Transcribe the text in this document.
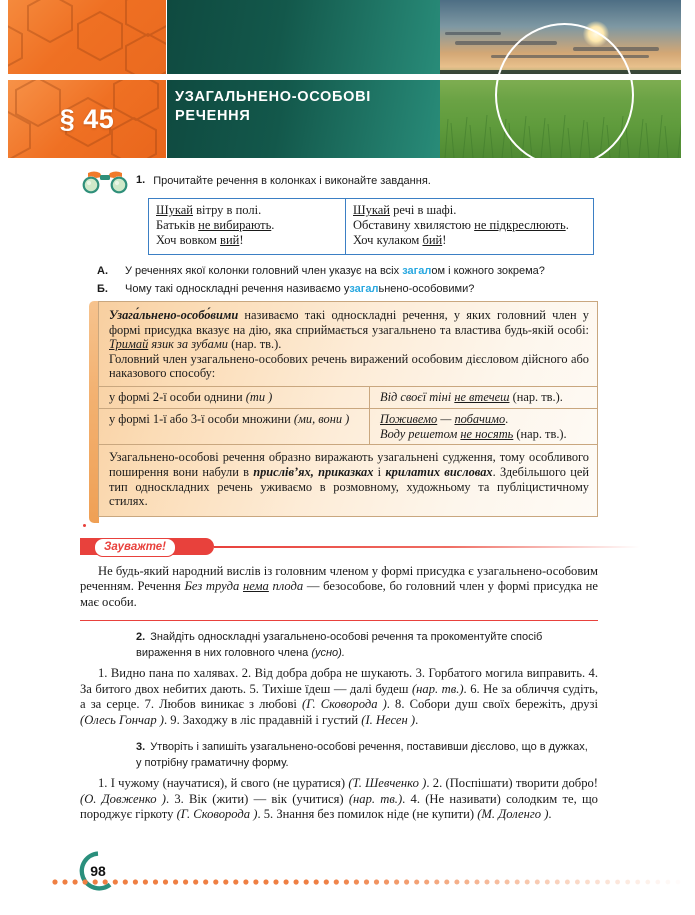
§ 45
УЗАГАЛЬНЕНО-ОСОБОВІ РЕЧЕННЯ
1. Прочитайте речення в колонках і виконайте завдання.
Шукай вітру в полі.
Батьків не вибирають.
Хоч вовком вий!

Шукай речі в шафі.
Обставину хвилястою не підкреслюють.
Хоч кулаком бий!
А.	У реченнях якої колонки головний член указує на всіх загалом і кожного зокрема?
Б.	Чому такі односкладні речення називаємо узагальнено-особовими?
Узага́льнено-особо́вими називаємо такі односкладні речення, у яких головний член у формі присудка вказує на дію, яка сприймається узагальнено та властива будь-якій особі: Тримай язик за зубами (нар. тв.).
Головний член узагальнено-особових речень виражений особовим дієсловом дійсного або наказового способу:
у формі 2-ї особи однини (ти )	Від своєї тіні не втечеш (нар. тв.).
у формі 1-ї або 3-ї особи множини (ми, вони )	Поживемо — побачимо.
Воду решетом не носять (нар. тв.).
Узагальнено-особові речення образно виражають узагальнені судження, тому особливого поширення вони набули в прислів’ях, приказках і крилатих висловах. Здебільшого цей тип односкладних речень уживаємо в розмовному, художньому та публіцистичному стилях.
Зауважте!
Не будь-який народний вислів із головним членом у формі присудка є узагальнено-особовим реченням. Речення Без труда нема плода — безособове, бо головний член у формі присудка не має особи.
2. Знайдіть односкладні узагальнено-особові речення та прокоментуйте спосіб вираження в них головного члена (усно).
1. Видно пана по халявах. 2. Від добра добра не шукають. 3. Горбатого могила виправить. 4. За битого двох небитих дають. 5. Тихіше їдеш — далі будеш (нар. тв.). 6. Не за обличчя судіть, а за серце. 7. Любов виникає з любові (Г. Сковорода ). 8. Собори душ своїх бережіть, друзі (Олесь Гончар ). 9. Заходжу в ліс прадавній і густий (І. Несен ).
3. Утворіть і запишіть узагальнено-особові речення, поставивши дієслово, що в дужках, у потрібну граматичну форму.
1. І чужому (научатися), й свого (не цуратися) (Т. Шевченко ). 2. (Поспішати) творити добро! (О. Довженко ). 3. Вік (жити) — вік (учитися) (нар. тв.). 4. (Не називати) солодким те, що породжує гіркоту (Г. Сковорода ). 5. Знання без помилок ніде (не купити) (М. Доленго ).
98
